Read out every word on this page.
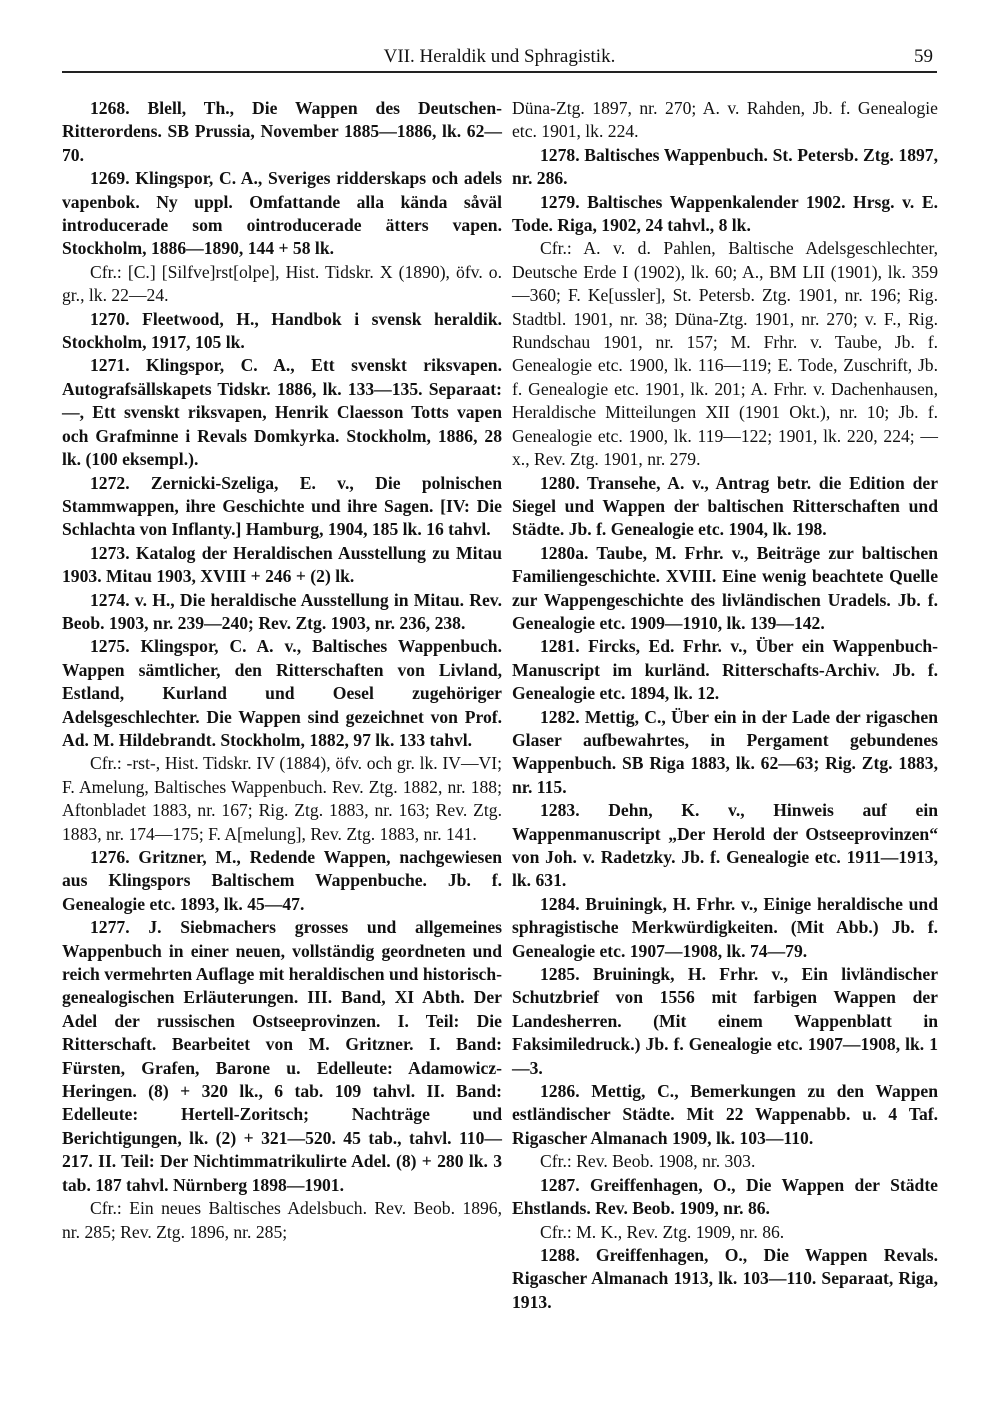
VII. Heraldik und Sphragistik.	59

1268. Blell, Th., Die Wappen des Deutschen-Ritterordens. SB Prussia, November 1885—1886, lk. 62—70.

1269. Klingspor, C. A., Sveriges ridderskaps och adels vapenbok. Ny uppl. Omfattande alla kända såväl introducerade som ointroducerade ätters vapen. Stockholm, 1886—1890, 144 + 58 lk.

Cfr.: [C.] [Silfve]rst[olpe], Hist. Tidskr. X (1890), öfv. o. gr., lk. 22—24.

1270. Fleetwood, H., Handbok i svensk heraldik. Stockholm, 1917, 105 lk.

1271. Klingspor, C. A., Ett svenskt riksvapen. Autografsällskapets Tidskr. 1886, lk. 133—135. Separaat: —, Ett svenskt riksvapen, Henrik Claesson Totts vapen och Grafminne i Revals Domkyrka. Stockholm, 1886, 28 lk. (100 eksempl.).

1272. Zernicki-Szeliga, E. v., Die polnischen Stammwappen, ihre Geschichte und ihre Sagen. [IV: Die Schlachta von Inflanty.] Hamburg, 1904, 185 lk. 16 tahvl.

1273. Katalog der Heraldischen Ausstellung zu Mitau 1903. Mitau 1903, XVIII + 246 + (2) lk.

1274. v. H., Die heraldische Ausstellung in Mitau. Rev. Beob. 1903, nr. 239—240; Rev. Ztg. 1903, nr. 236, 238.

1275. Klingspor, C. A. v., Baltisches Wappenbuch. Wappen sämtlicher, den Ritterschaften von Livland, Estland, Kurland und Oesel zugehöriger Adelsgeschlechter. Die Wappen sind gezeichnet von Prof. Ad. M. Hildebrandt. Stockholm, 1882, 97 lk. 133 tahvl.

Cfr.: -rst-, Hist. Tidskr. IV (1884), öfv. och gr. lk. IV—VI; F. Amelung, Baltisches Wappenbuch. Rev. Ztg. 1882, nr. 188; Aftonbladet 1883, nr. 167; Rig. Ztg. 1883, nr. 163; Rev. Ztg. 1883, nr. 174—175; F. A[melung], Rev. Ztg. 1883, nr. 141.

1276. Gritzner, M., Redende Wappen, nachgewiesen aus Klingspors Baltischem Wappenbuche. Jb. f. Genealogie etc. 1893, lk. 45—47.

1277. J. Siebmachers grosses und allgemeines Wappenbuch in einer neuen, vollständig geordneten und reich vermehrten Auflage mit heraldischen und historisch-genealogischen Erläuterungen. III. Band, XI Abth. Der Adel der russischen Ostseeprovinzen. I. Teil: Die Ritterschaft. Bearbeitet von M. Gritzner. I. Band: Fürsten, Grafen, Barone u. Edelleute: Adamowicz-Heringen. (8) + 320 lk., 6 tab. 109 tahvl. II. Band: Edelleute: Hertell-Zoritsch; Nachträge und Berichtigungen, lk. (2) + 321—520. 45 tab., tahvl. 110—217. II. Teil: Der Nichtimmatrikulirte Adel. (8) + 280 lk. 3 tab. 187 tahvl. Nürnberg 1898—1901.

Cfr.: Ein neues Baltisches Adelsbuch. Rev. Beob. 1896, nr. 285; Rev. Ztg. 1896, nr. 285;

Düna-Ztg. 1897, nr. 270; A. v. Rahden, Jb. f. Genealogie etc. 1901, lk. 224.

1278. Baltisches Wappenbuch. St. Petersb. Ztg. 1897, nr. 286.

1279. Baltisches Wappenkalender 1902. Hrsg. v. E. Tode. Riga, 1902, 24 tahvl., 8 lk.

Cfr.: A. v. d. Pahlen, Baltische Adelsgeschlechter, Deutsche Erde I (1902), lk. 60; A., BM LII (1901), lk. 359—360; F. Ke[ussler], St. Petersb. Ztg. 1901, nr. 196; Rig. Stadtbl. 1901, nr. 38; Düna-Ztg. 1901, nr. 270; v. F., Rig. Rundschau 1901, nr. 157; M. Frhr. v. Taube, Jb. f. Genealogie etc. 1900, lk. 116—119; E. Tode, Zuschrift, Jb. f. Genealogie etc. 1901, lk. 201; A. Frhr. v. Dachenhausen, Heraldische Mitteilungen XII (1901 Okt.), nr. 10; Jb. f. Genealogie etc. 1900, lk. 119—122; 1901, lk. 220, 224; —x., Rev. Ztg. 1901, nr. 279.

1280. Transehe, A. v., Antrag betr. die Edition der Siegel und Wappen der baltischen Ritterschaften und Städte. Jb. f. Genealogie etc. 1904, lk. 198.

1280a. Taube, M. Frhr. v., Beiträge zur baltischen Familiengeschichte. XVIII. Eine wenig beachtete Quelle zur Wappengeschichte des livländischen Uradels. Jb. f. Genealogie etc. 1909—1910, lk. 139—142.

1281. Fircks, Ed. Frhr. v., Über ein Wappenbuch-Manuscript im kurländ. Ritterschafts-Archiv. Jb. f. Genealogie etc. 1894, lk. 12.

1282. Mettig, C., Über ein in der Lade der rigaschen Glaser aufbewahrtes, in Pergament gebundenes Wappenbuch. SB Riga 1883, lk. 62—63; Rig. Ztg. 1883, nr. 115.

1283. Dehn, K. v., Hinweis auf ein Wappenmanuscript „Der Herold der Ostseeprovinzen“ von Joh. v. Radetzky. Jb. f. Genealogie etc. 1911—1913, lk. 631.

1284. Bruiningk, H. Frhr. v., Einige heraldische und sphragistische Merkwürdigkeiten. (Mit Abb.) Jb. f. Genealogie etc. 1907—1908, lk. 74—79.

1285. Bruiningk, H. Frhr. v., Ein livländischer Schutzbrief von 1556 mit farbigen Wappen der Landesherren. (Mit einem Wappenblatt in Faksimiledruck.) Jb. f. Genealogie etc. 1907—1908, lk. 1—3.

1286. Mettig, C., Bemerkungen zu den Wappen estländischer Städte. Mit 22 Wappenabb. u. 4 Taf. Rigascher Almanach 1909, lk. 103—110.

Cfr.: Rev. Beob. 1908, nr. 303.

1287. Greiffenhagen, O., Die Wappen der Städte Ehstlands. Rev. Beob. 1909, nr. 86.

Cfr.: M. K., Rev. Ztg. 1909, nr. 86.

1288. Greiffenhagen, O., Die Wappen Revals. Rigascher Almanach 1913, lk. 103—110. Separaat, Riga, 1913.
